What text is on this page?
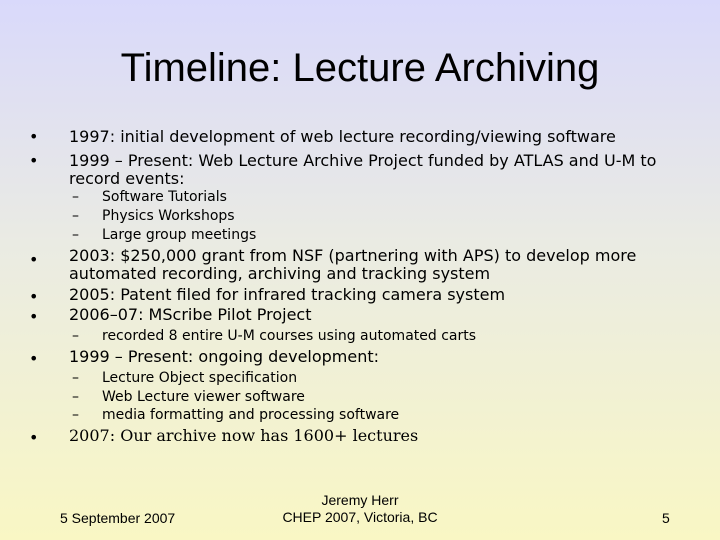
Timeline: Lecture Archiving
• 1997: initial development of web lecture recording/viewing software
• 1999 – Present: Web Lecture Archive Project funded by ATLAS and U-M to record events:
– Software Tutorials
– Physics Workshops
– Large group meetings
• 2003: $250,000 grant from NSF (partnering with APS) to develop more automated recording, archiving and tracking system
• 2005: Patent filed for infrared tracking camera system
• 2006–07: MScribe Pilot Project
– recorded 8 entire U-M courses using automated carts
• 1999 – Present: ongoing development:
– Lecture Object specification
– Web Lecture viewer software
– media formatting and processing software
• 2007: Our archive now has 1600+ lectures
5 September 2007
Jeremy Herr
CHEP 2007, Victoria, BC	5
